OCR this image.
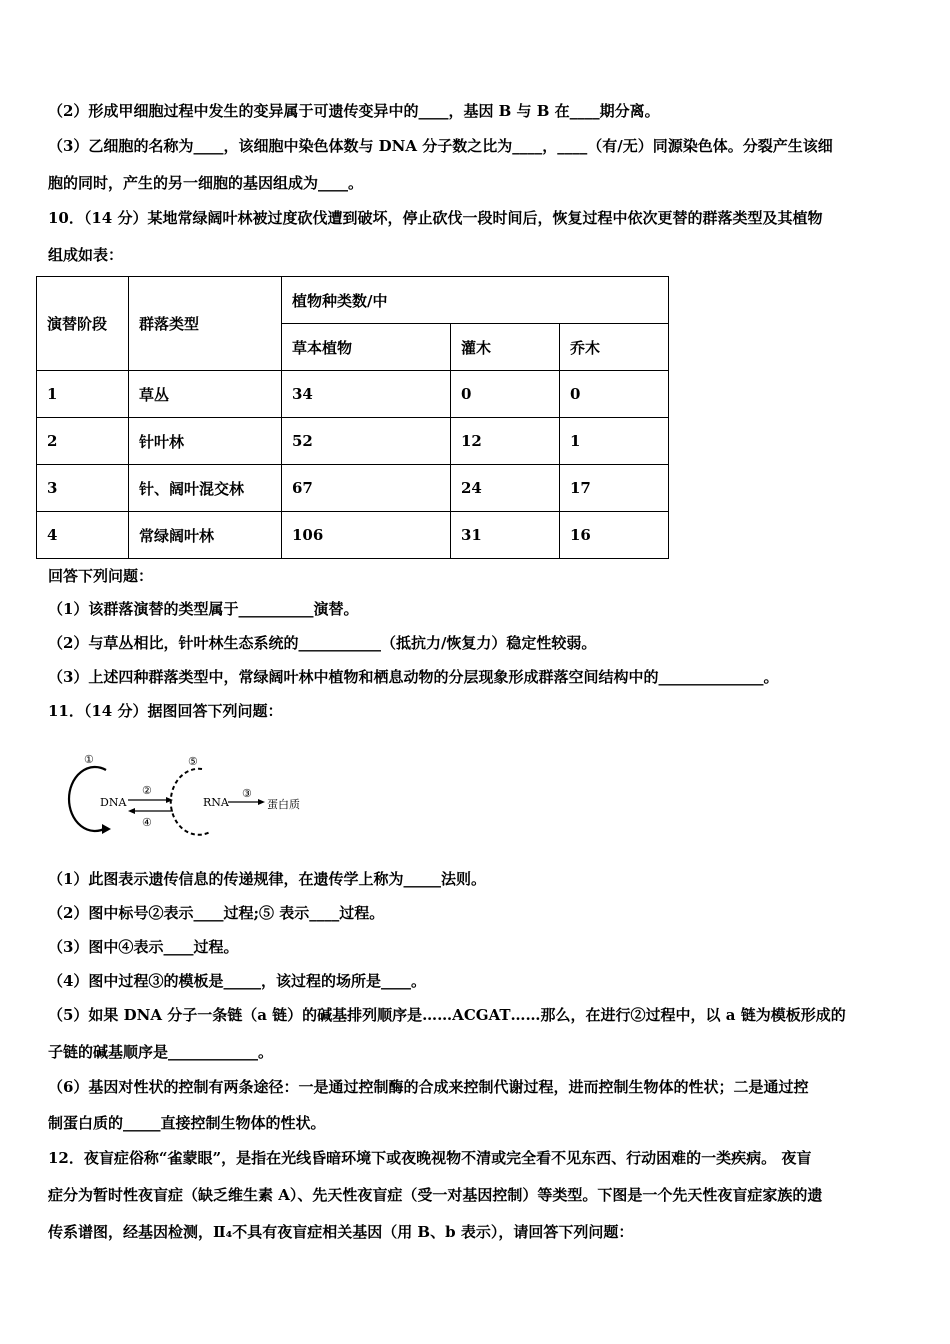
（2）形成甲细胞过程中发生的变异属于可遗传变异中的____，基因 B 与 B 在____期分离。
（3）乙细胞的名称为____，该细胞中染色体数与 DNA 分子数之比为____，____（有/无）同源染色体。分裂产生该细
胞的同时，产生的另一细胞的基因组成为____。
10．（14 分）某地常绿阔叶林被过度砍伐遭到破坏，停止砍伐一段时间后，恢复过程中依次更替的群落类型及其植物
组成如表：
演替阶段	群落类型	植物种类数/中		
		草本植物	灌木	乔木
1	草丛	34	0	0
2	针叶林	52	12	1
3	针、阔叶混交林	67	24	17
4	常绿阔叶林	106	31	16
回答下列问题：
（1）该群落演替的类型属于__________演替。
（2）与草丛相比，针叶林生态系统的___________（抵抗力/恢复力）稳定性较弱。
（3）上述四种群落类型中，常绿阔叶林中植物和栖息动物的分层现象形成群落空间结构中的______________。
11．（14 分）据图回答下列问题：
①
DNA
②
④
⑤
RNA
③
蛋白质
（1）此图表示遗传信息的传递规律，在遗传学上称为_____法则。
（2）图中标号②表示____过程;⑤ 表示____过程。
（3）图中④表示____过程。
（4）图中过程③的模板是_____，该过程的场所是____。
（5）如果 DNA 分子一条链（a 链）的碱基排列顺序是……ACGAT……那么，在进行②过程中，以 a 链为模板形成的
子链的碱基顺序是____________。
（6）基因对性状的控制有两条途径：一是通过控制酶的合成来控制代谢过程，进而控制生物体的性状；二是通过控
制蛋白质的_____直接控制生物体的性状。
12．夜盲症俗称“雀蒙眼”，是指在光线昏暗环境下或夜晚视物不清或完全看不见东西、行动困难的一类疾病。 夜盲
症分为暂时性夜盲症（缺乏维生素 A）、先天性夜盲症（受一对基因控制）等类型。下图是一个先天性夜盲症家族的遗
传系谱图，经基因检测，Ⅱ₄不具有夜盲症相关基因（用 B、b 表示），请回答下列问题：
